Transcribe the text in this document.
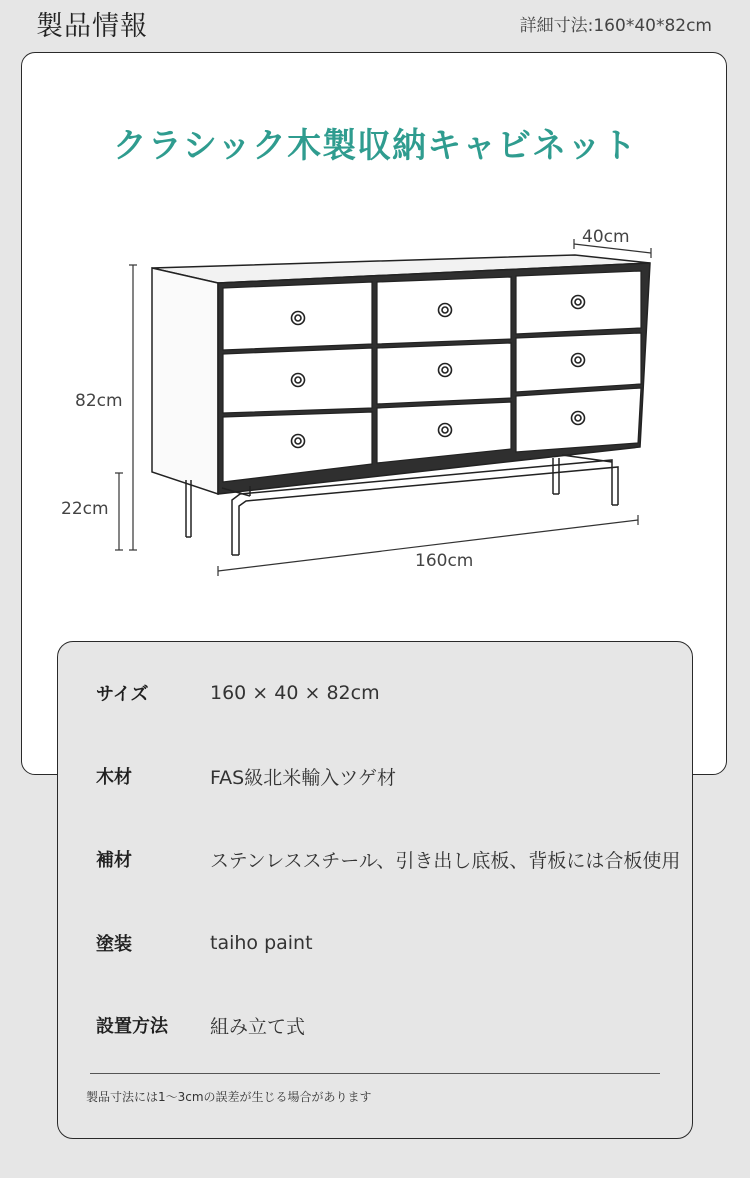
製品情報	詳細寸法:160*40*82cm
クラシック木製収納キャビネット
40cm
82cm
22cm
160cm
サイズ	160 × 40 × 82cm
木材	FAS級北米輸入ツゲ材
補材	ステンレススチール、引き出し底板、背板には合板使用
塗装	taiho paint
設置方法 組み立て式
製品寸法には1〜3cmの誤差が生じる場合があります
